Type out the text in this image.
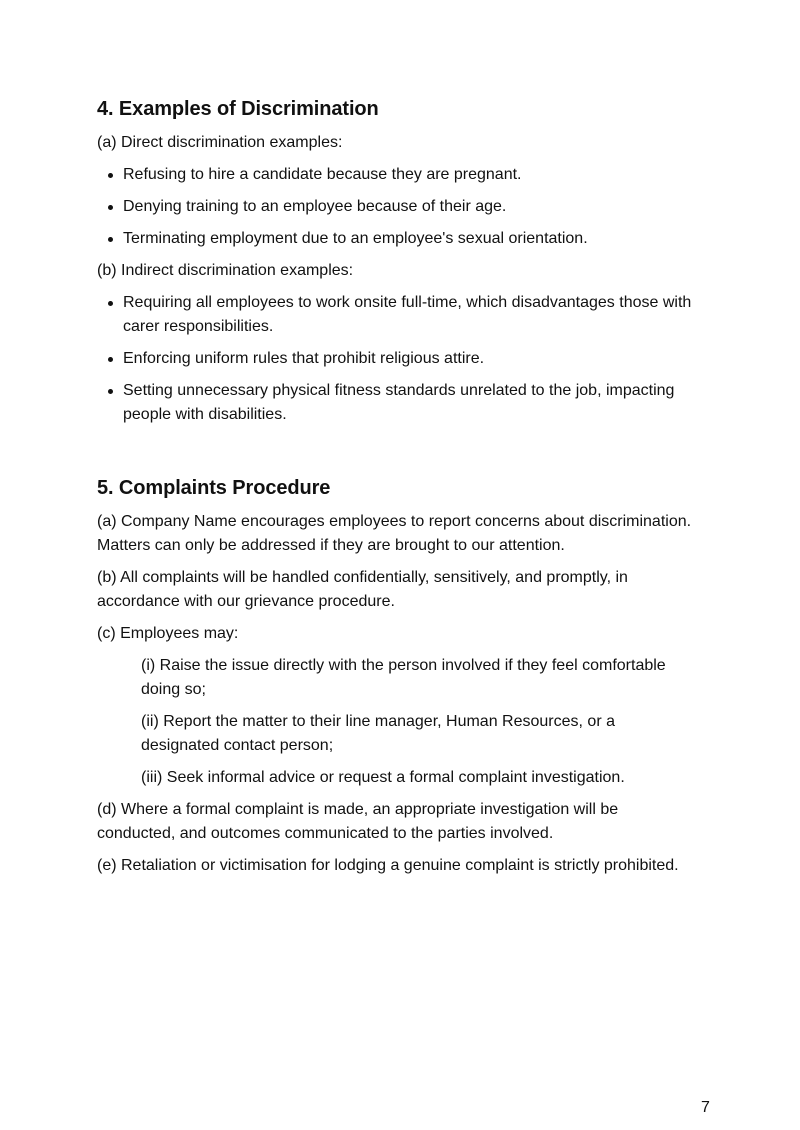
4. Examples of Discrimination

(a) Direct discrimination examples:

Refusing to hire a candidate because they are pregnant.
Denying training to an employee because of their age.
Terminating employment due to an employee's sexual orientation.

(b) Indirect discrimination examples:

Requiring all employees to work onsite full-time, which disadvantages those with carer responsibilities.
Enforcing uniform rules that prohibit religious attire.
Setting unnecessary physical fitness standards unrelated to the job, impacting people with disabilities.
5. Complaints Procedure

(a) Company Name encourages employees to report concerns about discrimination. Matters can only be addressed if they are brought to our attention.

(b) All complaints will be handled confidentially, sensitively, and promptly, in accordance with our grievance procedure.

(c) Employees may:

(i) Raise the issue directly with the person involved if they feel comfortable doing so;

(ii) Report the matter to their line manager, Human Resources, or a designated contact person;

(iii) Seek informal advice or request a formal complaint investigation.

(d) Where a formal complaint is made, an appropriate investigation will be conducted, and outcomes communicated to the parties involved.

(e) Retaliation or victimisation for lodging a genuine complaint is strictly prohibited.

7
